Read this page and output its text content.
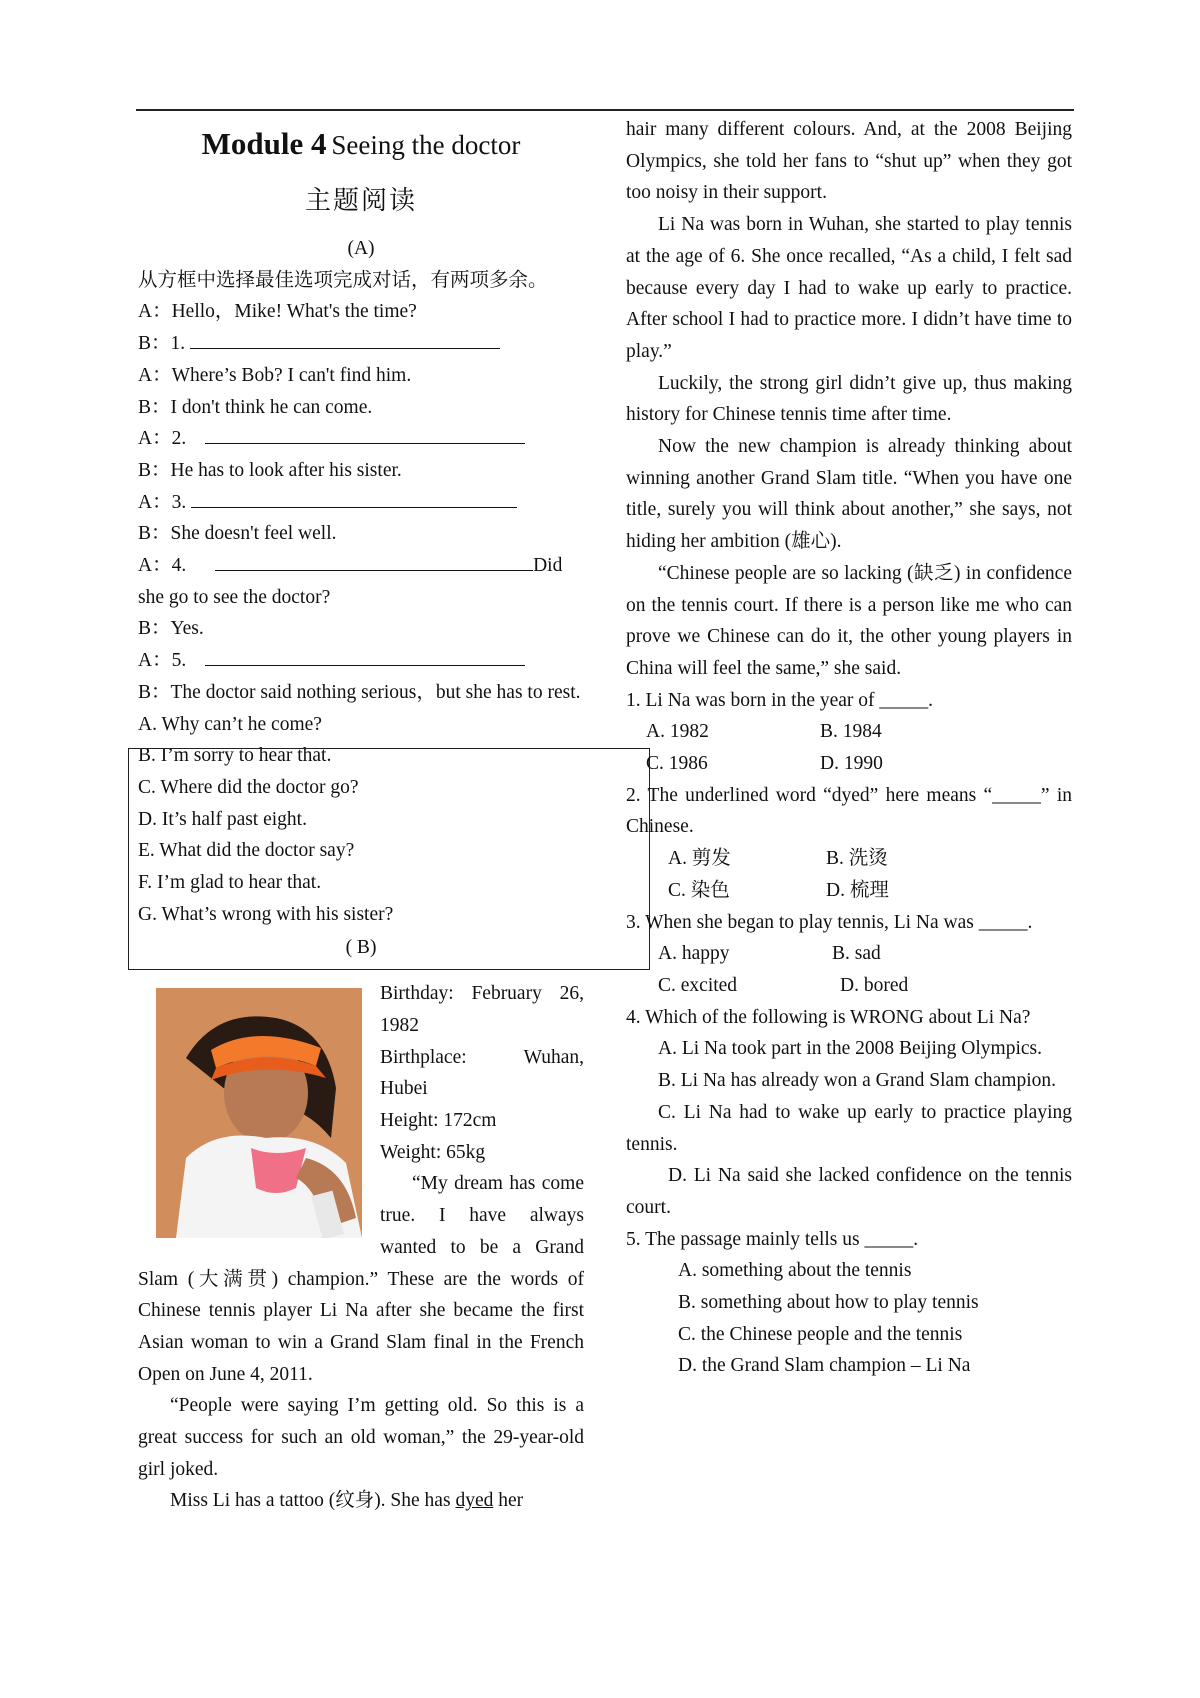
Module 4 Seeing the doctor
主题阅读

(A)

从方框中选择最佳选项完成对话，有两项多余。

A：Hello，Mike! What's the time?

B：1.

A：Where’s Bob? I can't find him.

B：I don't think he can come.

A：2.

B：He has to look after his sister.

A：3.

B：She doesn't feel well.

A：4.	Did

she go to see the doctor?

B：Yes.

A：5.

B：The doctor said nothing serious，but she has to rest.

A. Why can’t he come?

B. I’m sorry to hear that.

C. Where did the doctor go?

D. It’s half past eight.

E. What did the doctor say?

F. I’m glad to hear that.

G. What’s wrong with his sister?

( B)

Birthday: February 26, 1982

Birthplace: Wuhan, Hubei

Height: 172cm

Weight: 65kg

“My dream has come true. I have always wanted to be a Grand Slam (大满贯) champion.” These are the words of Chinese tennis player Li Na after she became the first Asian woman to win a Grand Slam final in the French Open on June 4, 2011.

“People were saying I’m getting old. So this is a great success for such an old woman,” the 29-year-old girl joked.

Miss Li has a tattoo (纹身). She has dyed her

hair many different colours. And, at the 2008 Beijing Olympics, she told her fans to “shut up” when they got too noisy in their support.

Li Na was born in Wuhan, she started to play tennis at the age of 6. She once recalled, “As a child, I felt sad because every day I had to wake up early to practice. After school I had to practice more. I didn’t have time to play.”

Luckily, the strong girl didn’t give up, thus making history for Chinese tennis time after time.

Now the new champion is already thinking about winning another Grand Slam title. “When you have one title, surely you will think about another,” she says, not hiding her ambition (雄心).

“Chinese people are so lacking (缺乏) in confidence on the tennis court. If there is a person like me who can prove we Chinese can do it, the other young players in China will feel the same,” she said.

1. Li Na was born in the year of _____.

A. 1982	B. 1984
C. 1986	D. 1990

2. The underlined word “dyed” here means “_____” in Chinese.

A. 剪发	B. 洗烫
C. 染色	D. 梳理

3. When she began to play tennis, Li Na was _____.

A. happy	B. sad
C. excited	D. bored

4. Which of the following is WRONG about Li Na?

A. Li Na took part in the 2008 Beijing Olympics.

B. Li Na has already won a Grand Slam champion.

C. Li Na had to wake up early to practice playing tennis.

D. Li Na said she lacked confidence on the tennis court.

5. The passage mainly tells us _____.

A. something about the tennis

B. something about how to play tennis

C. the Chinese people and the tennis

D. the Grand Slam champion – Li Na
